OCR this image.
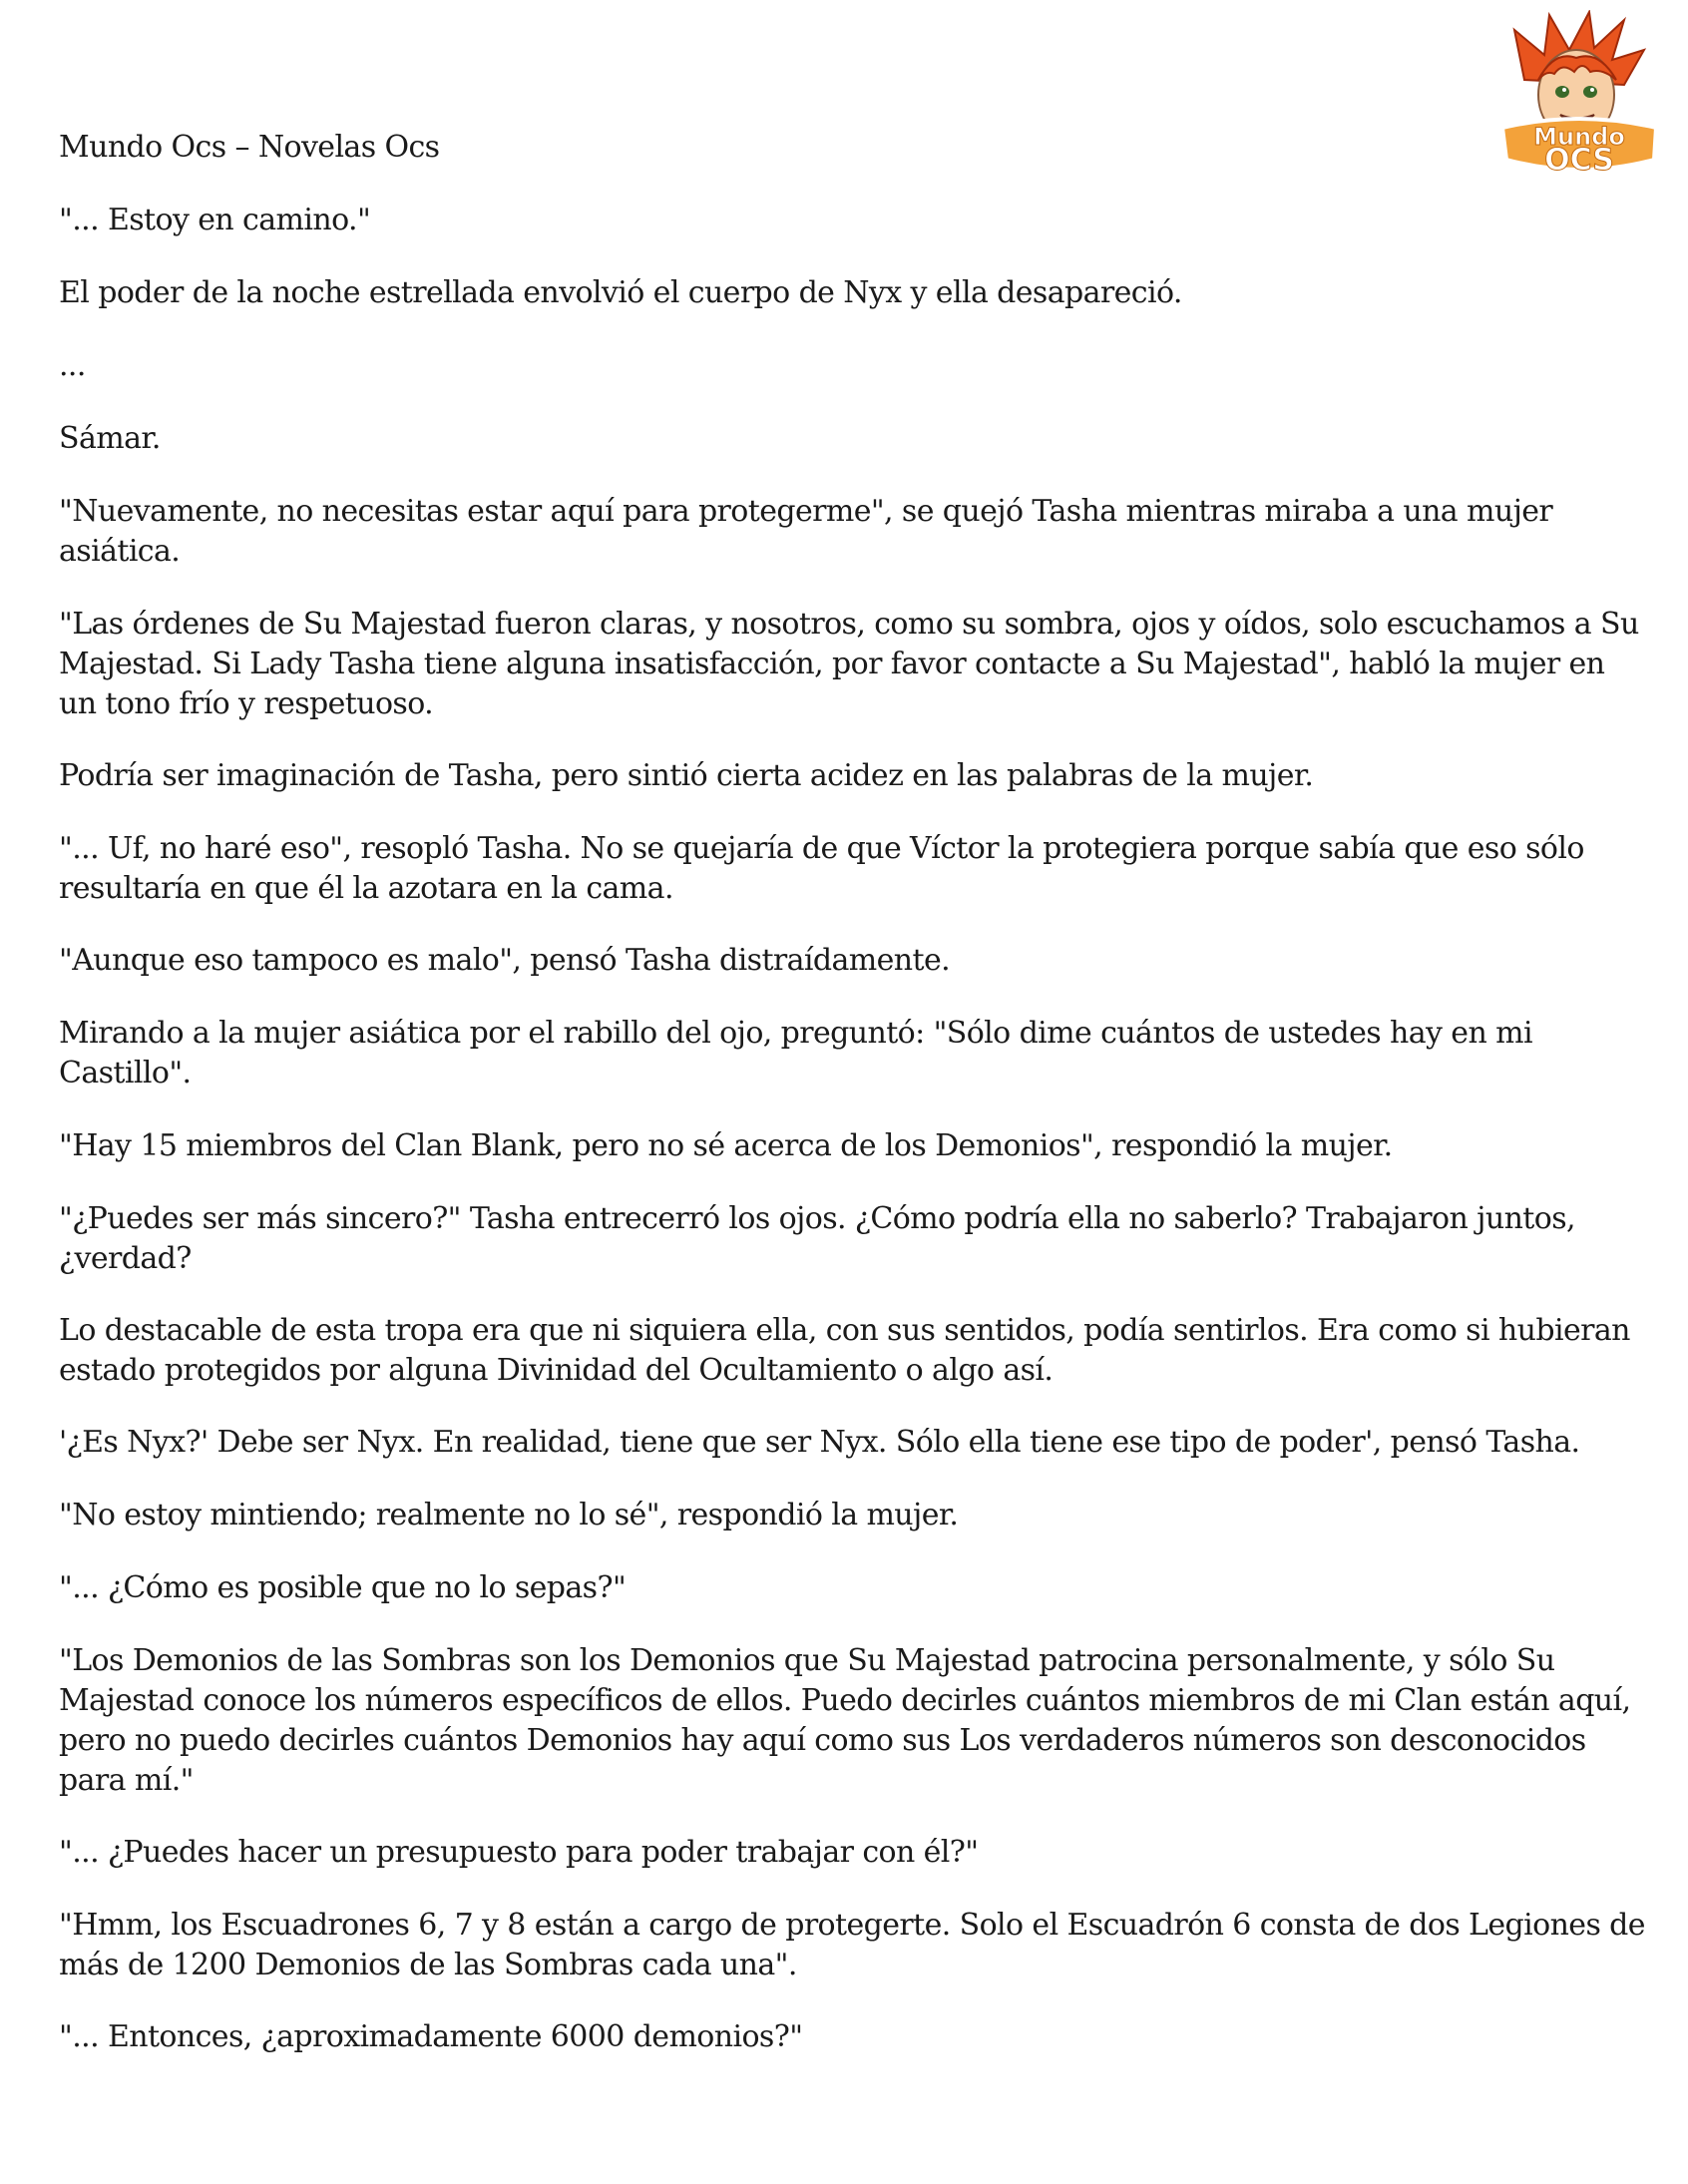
Mundo
OCS

Mundo Ocs – Novelas Ocs

"... Estoy en camino."

El poder de la noche estrellada envolvió el cuerpo de Nyx y ella desapareció.

...

Sámar.

"Nuevamente, no necesitas estar aquí para protegerme", se quejó Tasha mientras miraba a una mujer asiática.

"Las órdenes de Su Majestad fueron claras, y nosotros, como su sombra, ojos y oídos, solo escuchamos a Su Majestad. Si Lady Tasha tiene alguna insatisfacción, por favor contacte a Su Majestad", habló la mujer en un tono frío y respetuoso.

Podría ser imaginación de Tasha, pero sintió cierta acidez en las palabras de la mujer.

"... Uf, no haré eso", resopló Tasha. No se quejaría de que Víctor la protegiera porque sabía que eso sólo resultaría en que él la azotara en la cama.

"Aunque eso tampoco es malo", pensó Tasha distraídamente.

Mirando a la mujer asiática por el rabillo del ojo, preguntó: "Sólo dime cuántos de ustedes hay en mi Castillo".

"Hay 15 miembros del Clan Blank, pero no sé acerca de los Demonios", respondió la mujer.

"¿Puedes ser más sincero?" Tasha entrecerró los ojos. ¿Cómo podría ella no saberlo? Trabajaron juntos, ¿verdad?

Lo destacable de esta tropa era que ni siquiera ella, con sus sentidos, podía sentirlos. Era como si hubieran estado protegidos por alguna Divinidad del Ocultamiento o algo así.

'¿Es Nyx?' Debe ser Nyx. En realidad, tiene que ser Nyx. Sólo ella tiene ese tipo de poder', pensó Tasha.

"No estoy mintiendo; realmente no lo sé", respondió la mujer.

"... ¿Cómo es posible que no lo sepas?"

"Los Demonios de las Sombras son los Demonios que Su Majestad patrocina personalmente, y sólo Su Majestad conoce los números específicos de ellos. Puedo decirles cuántos miembros de mi Clan están aquí, pero no puedo decirles cuántos Demonios hay aquí como sus Los verdaderos números son desconocidos para mí."

"... ¿Puedes hacer un presupuesto para poder trabajar con él?"

"Hmm, los Escuadrones 6, 7 y 8 están a cargo de protegerte. Solo el Escuadrón 6 consta de dos Legiones de más de 1200 Demonios de las Sombras cada una".

"... Entonces, ¿aproximadamente 6000 demonios?"
